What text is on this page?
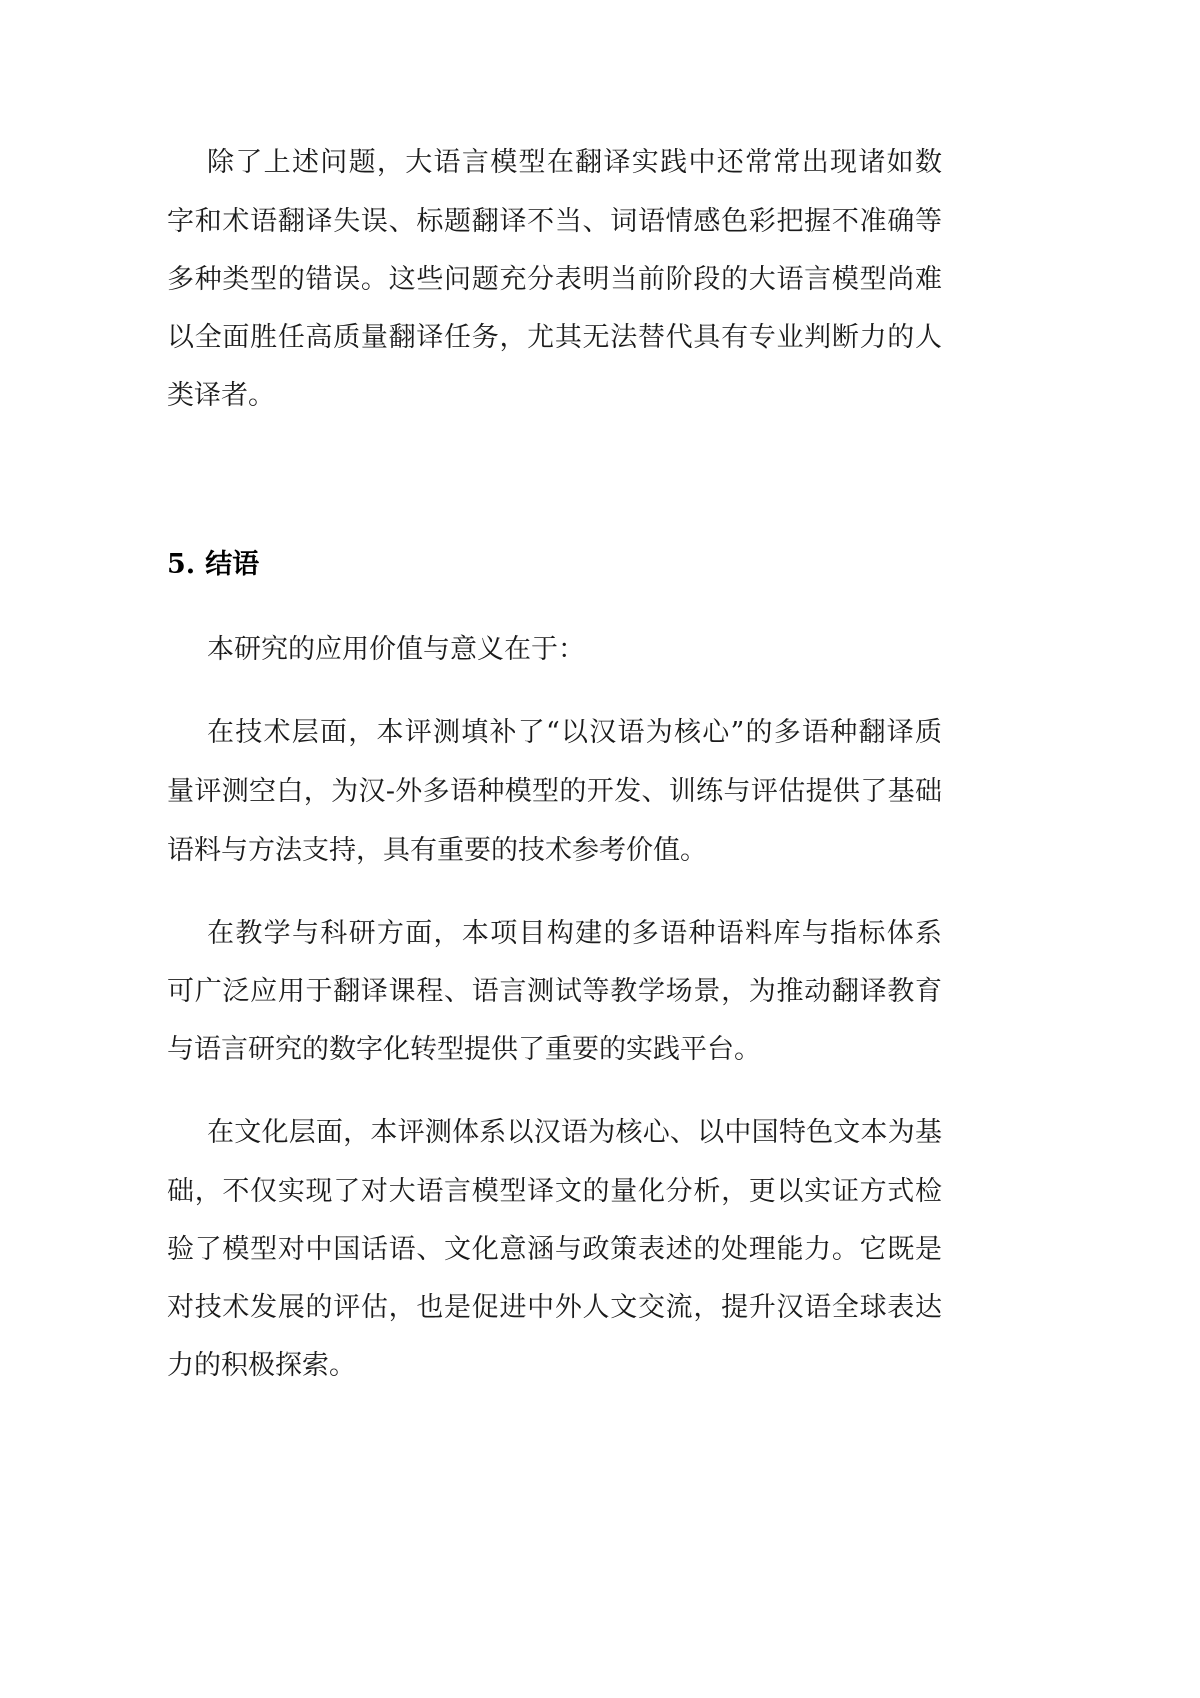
除了上述问题，大语言模型在翻译实践中还常常出现诸如数
字和术语翻译失误、标题翻译不当、词语情感色彩把握不准确等
多种类型的错误。这些问题充分表明当前阶段的大语言模型尚难
以全面胜任高质量翻译任务，尤其无法替代具有专业判断力的人
类译者。
5. 结语
本研究的应用价值与意义在于：
在技术层面，本评测填补了“以汉语为核心”的多语种翻译质
量评测空白，为汉-外多语种模型的开发、训练与评估提供了基础
语料与方法支持，具有重要的技术参考价值。
在教学与科研方面，本项目构建的多语种语料库与指标体系
可广泛应用于翻译课程、语言测试等教学场景，为推动翻译教育
与语言研究的数字化转型提供了重要的实践平台。
在文化层面，本评测体系以汉语为核心、以中国特色文本为基
础，不仅实现了对大语言模型译文的量化分析，更以实证方式检
验了模型对中国话语、文化意涵与政策表述的处理能力。它既是
对技术发展的评估，也是促进中外人文交流，提升汉语全球表达
力的积极探索。
